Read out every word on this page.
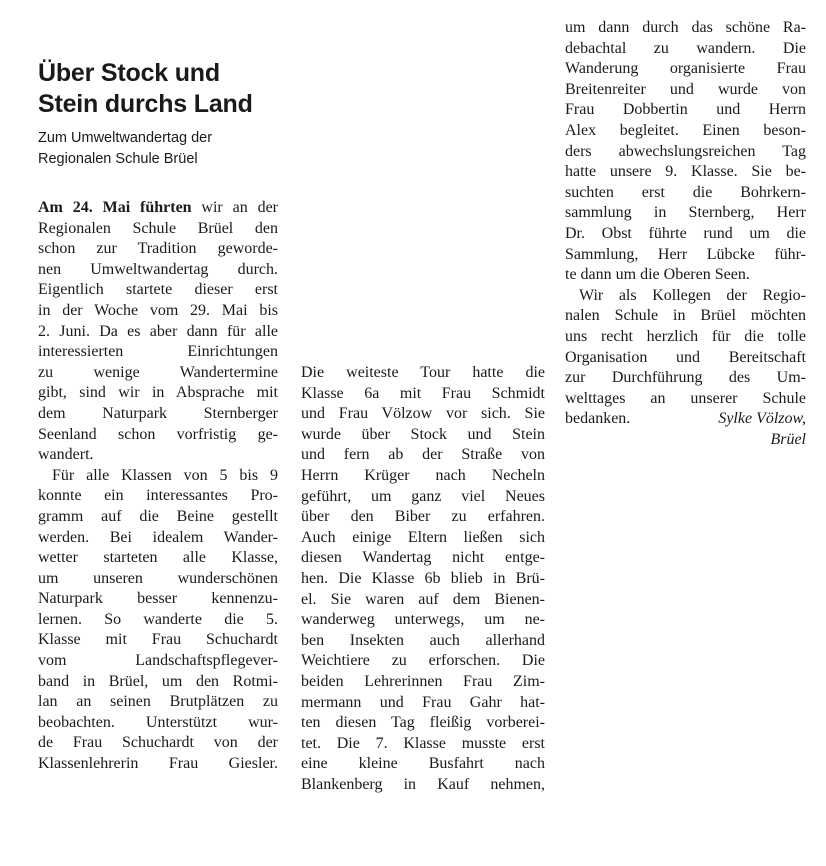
Über Stock und
Stein durchs Land

Zum Umweltwandertag der
Regionalen Schule Brüel

Am 24. Mai führten wir an der
Regionalen Schule Brüel den
schon zur Tradition geworde-
nen Umweltwandertag durch.
Eigentlich startete dieser erst
in der Woche vom 29. Mai bis
2. Juni. Da es aber dann für alle
interessierten Einrichtungen
zu wenige Wandertermine
gibt, sind wir in Absprache mit
dem Naturpark Sternberger
Seenland schon vorfristig ge-
wandert.
Für alle Klassen von 5 bis 9
konnte ein interessantes Pro-
gramm auf die Beine gestellt
werden. Bei idealem Wander-
wetter starteten alle Klasse,
um unseren wunderschönen
Naturpark besser kennenzu-
lernen. So wanderte die 5.
Klasse mit Frau Schuchardt
vom Landschaftspflegever-
band in Brüel, um den Rotmi-
lan an seinen Brutplätzen zu
beobachten. Unterstützt wur-
de Frau Schuchardt von der
Klassenlehrerin Frau Giesler.
Die weiteste Tour hatte die
Klasse 6a mit Frau Schmidt
und Frau Völzow vor sich. Sie
wurde über Stock und Stein
und fern ab der Straße von
Herrn Krüger nach Necheln
geführt, um ganz viel Neues
über den Biber zu erfahren.
Auch einige Eltern ließen sich
diesen Wandertag nicht entge-
hen. Die Klasse 6b blieb in Brü-
el. Sie waren auf dem Bienen-
wanderweg unterwegs, um ne-
ben Insekten auch allerhand
Weichtiere zu erforschen. Die
beiden Lehrerinnen Frau Zim-
mermann und Frau Gahr hat-
ten diesen Tag fleißig vorberei-
tet. Die 7. Klasse musste erst
eine kleine Busfahrt nach
Blankenberg in Kauf nehmen,
um dann durch das schöne Ra-
debachtal zu wandern. Die
Wanderung organisierte Frau
Breitenreiter und wurde von
Frau Dobbertin und Herrn
Alex begleitet. Einen beson-
ders abwechslungsreichen Tag
hatte unsere 9. Klasse. Sie be-
suchten erst die Bohrkern-
sammlung in Sternberg, Herr
Dr. Obst führte rund um die
Sammlung, Herr Lübcke führ-
te dann um die Oberen Seen.
Wir als Kollegen der Regio-
nalen Schule in Brüel möchten
uns recht herzlich für die tolle
Organisation und Bereitschaft
zur Durchführung des Um-
welttages an unserer Schule
bedanken.	Sylke Völzow,
Brüel
